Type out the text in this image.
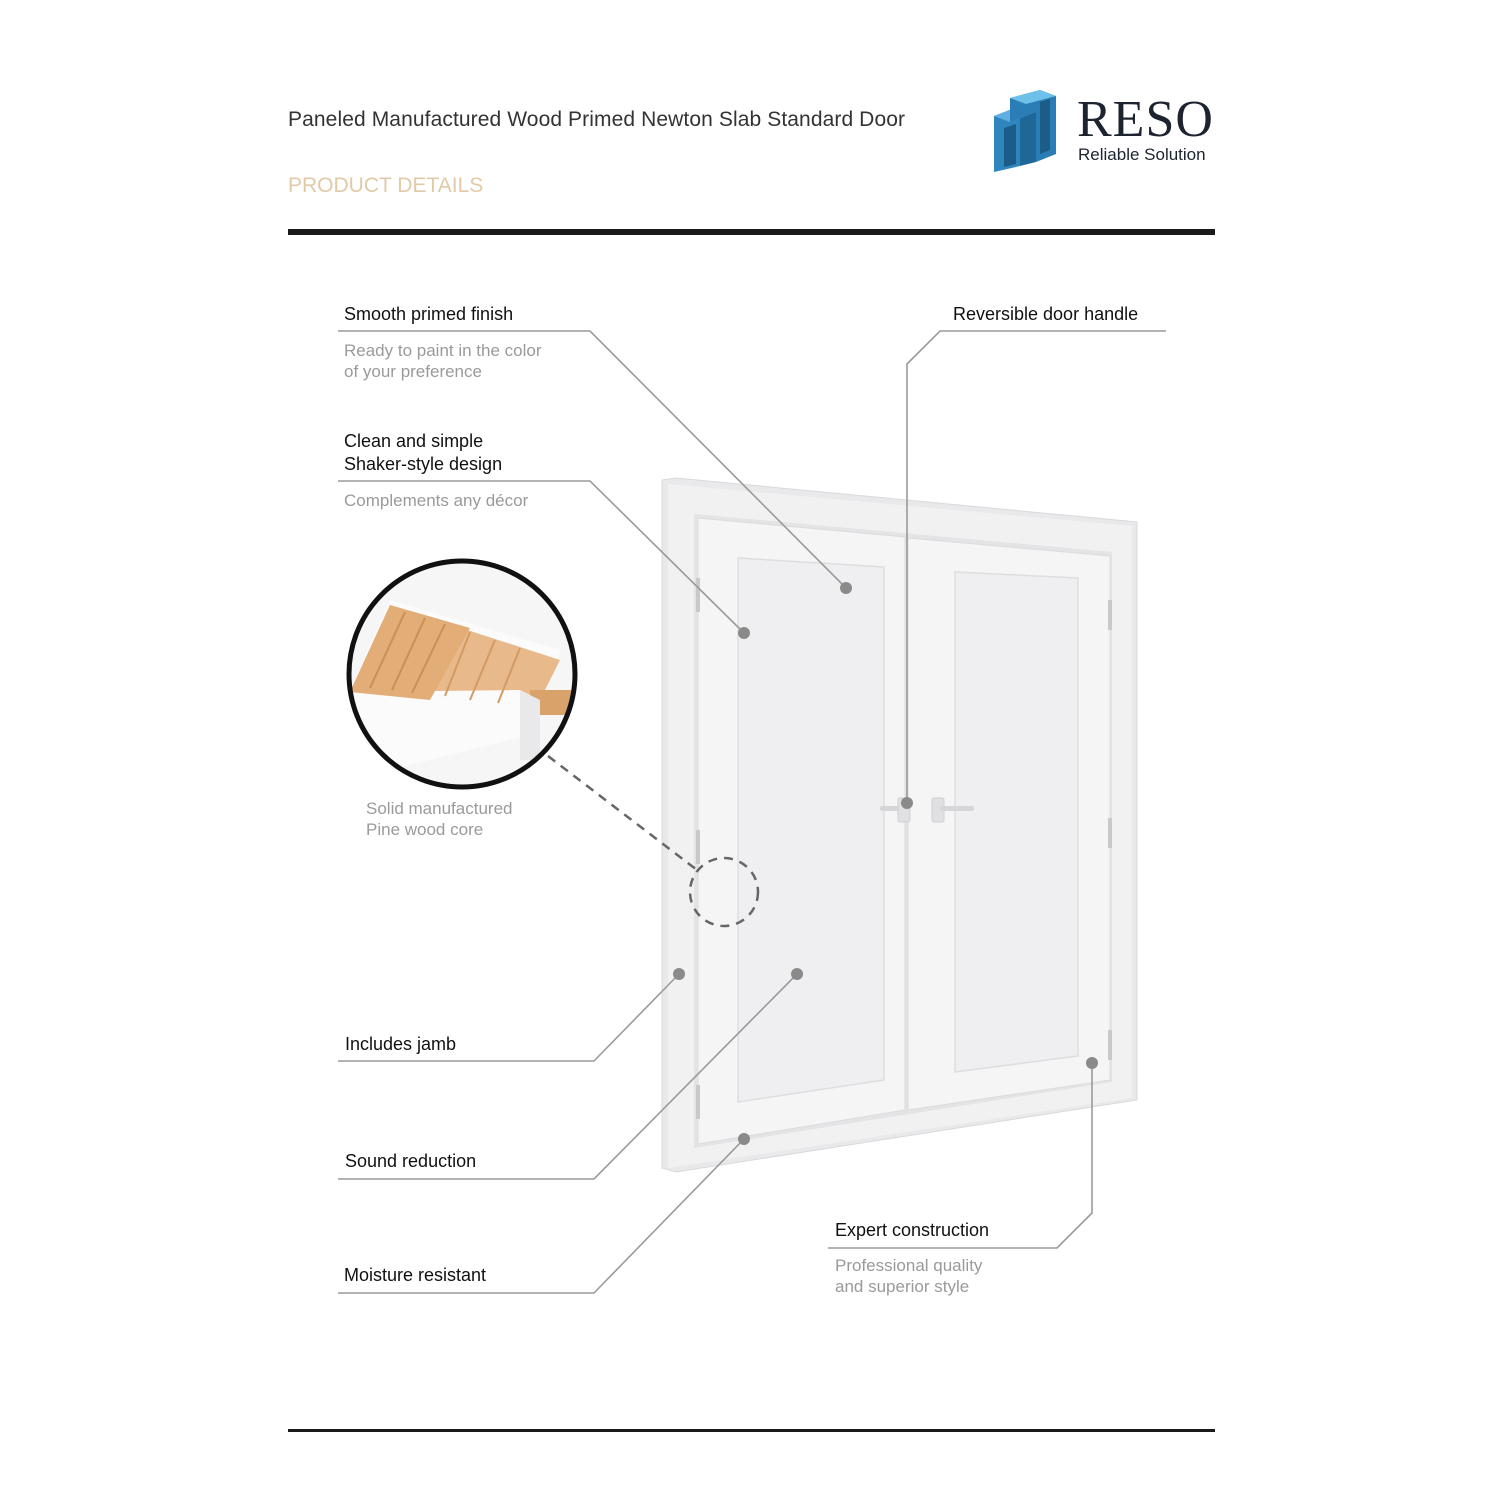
Paneled Manufactured Wood Primed Newton Slab Standard Door
PRODUCT DETAILS
RESO
Reliable Solution
Smooth primed finish
Ready to paint in the color
of your preference
Clean and simple
Shaker-style design
Complements any décor
Solid manufactured
Pine wood core
Includes jamb
Sound reduction
Moisture resistant
Reversible door handle
Expert construction
Professional quality
and superior style
